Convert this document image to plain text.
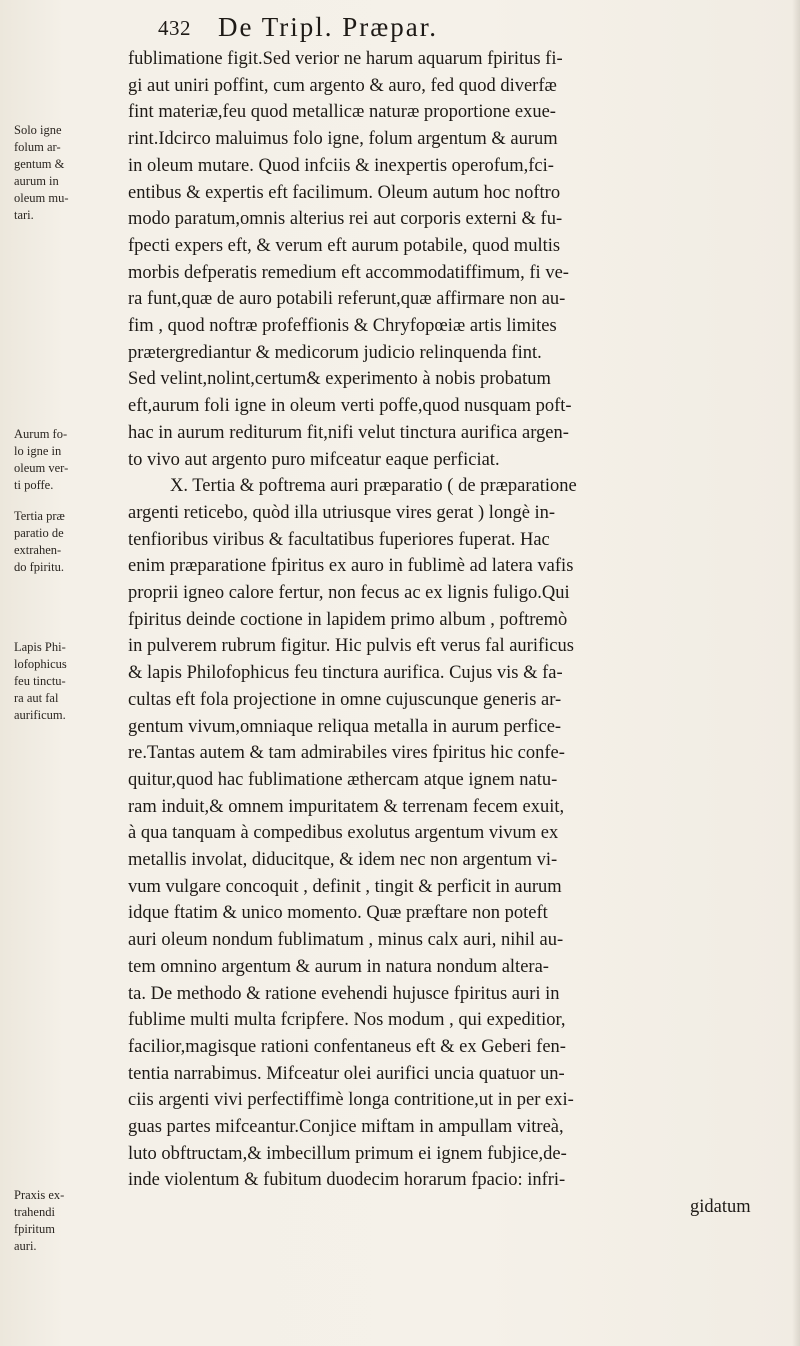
432 De Tripl. Præpar.
fublimatione figit.Sed verior ne harum aquarum fpiritus fi-
gi aut uniri poffint, cum argento & auro, fed quod diverfæ
fint materiæ,feu quod metallicæ naturæ proportione exue-
rint.Idcirco maluimus folo igne, folum argentum & aurum
in oleum mutare. Quod infciis & inexpertis operofum,fci-
entibus & expertis eft facilimum. Oleum autum hoc noftro
modo paratum,omnis alterius rei aut corporis externi & fu-
fpecti expers eft, & verum eft aurum potabile, quod multis
morbis defperatis remedium eft accommodatiffimum, fi ve-
ra funt,quæ de auro potabili referunt,quæ affirmare non au-
fim , quod noftræ profeffionis & Chryfopœiæ artis limites
prætergrediantur & medicorum judicio relinquenda fint.
Sed velint,nolint,certum& experimento à nobis probatum
eft,aurum foli igne in oleum verti poffe,quod nusquam poft-
hac in aurum rediturum fit,nifi velut tinctura aurifica argen-
to vivo aut argento puro mifceatur eaque perficiat.
X. Tertia & poftrema auri præparatio ( de præparatione
argenti reticebo, quòd illa utriusque vires gerat ) longè in-
tenfioribus viribus & facultatibus fuperiores fuperat. Hac
enim præparatione fpiritus ex auro in fublimè ad latera vafis
proprii igneo calore fertur, non fecus ac ex lignis fuligo.Qui
fpiritus deinde coctione in lapidem primo album , poftremò
in pulverem rubrum figitur. Hic pulvis eft verus fal aurificus
& lapis Philofophicus feu tinctura aurifica. Cujus vis & fa-
cultas eft fola projectione in omne cujuscunque generis ar-
gentum vivum,omniaque reliqua metalla in aurum perfice-
re.Tantas autem & tam admirabiles vires fpiritus hic confe-
quitur,quod hac fublimatione æthercam atque ignem natu-
ram induit,& omnem impuritatem & terrenam fecem exuit,
à qua tanquam à compedibus exolutus argentum vivum ex
metallis involat, diducitque, & idem nec non argentum vi-
vum vulgare concoquit , definit , tingit & perficit in aurum
idque ftatim & unico momento. Quæ præftare non poteft
auri oleum nondum fublimatum , minus calx auri, nihil au-
tem omnino argentum & aurum in natura nondum altera-
ta. De methodo & ratione evehendi hujusce fpiritus auri in
fublime multi multa fcripfere. Nos modum , qui expeditior,
facilior,magisque rationi confentaneus eft & ex Geberi fen-
tentia narrabimus. Mifceatur olei aurifici uncia quatuor un-
ciis argenti vivi perfectiffimè longa contritione,ut in per exi-
guas partes mifceantur.Conjice miftam in ampullam vitreà,
luto obftructam,& imbecillum primum ei ignem fubjice,de-
inde violentum & fubitum duodecim horarum fpacio: infri-
gidatum
Solo igne
folum ar-
gentum &
aurum in
oleum mu-
tari.
Aurum fo-
lo igne in
oleum ver-
ti poffe.
Tertia præ
paratio de
extrahen-
do fpiritu.
Lapis Phi-
lofophicus
feu tinctu-
ra aut fal
aurificum.
Praxis ex-
trahendi
fpiritum
auri.
